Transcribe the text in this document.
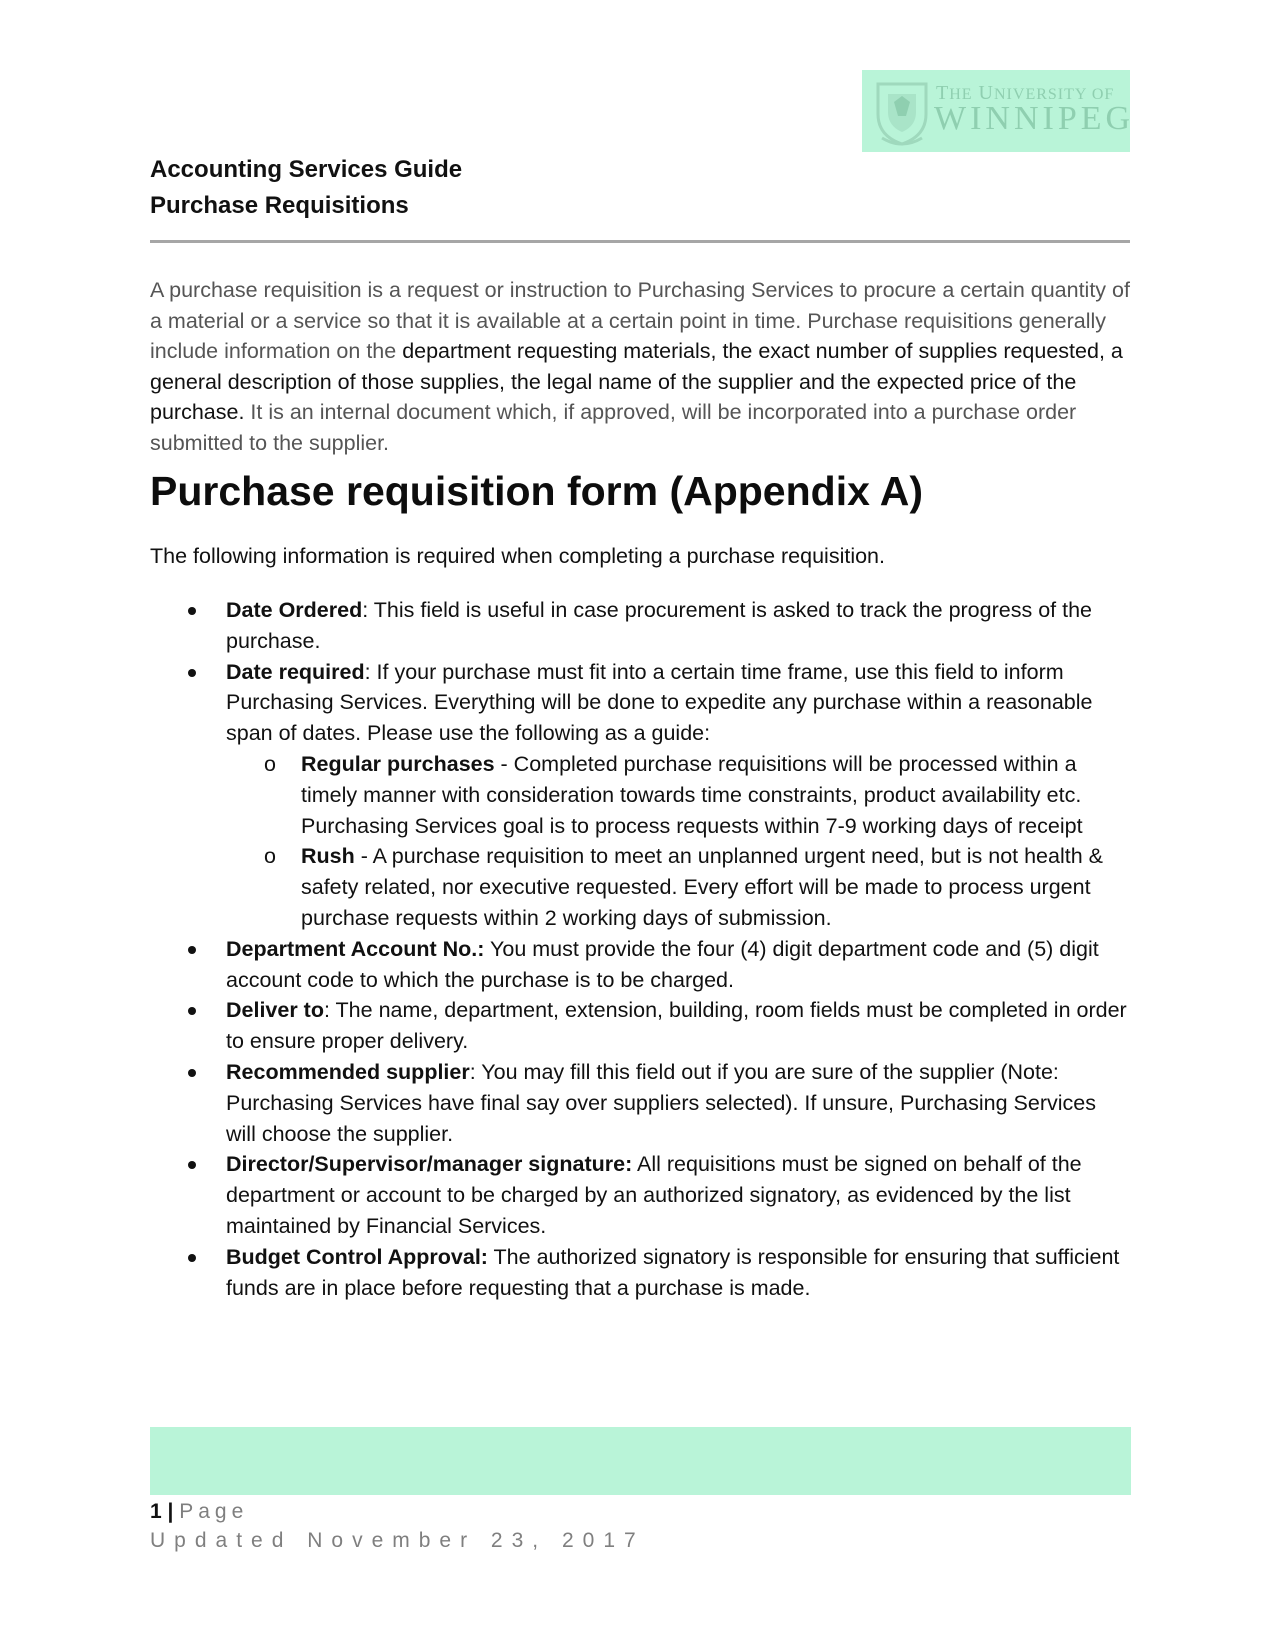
THE UNIVERSITY OF
WINNIPEG
Accounting Services Guide
Purchase Requisitions

A purchase requisition is a request or instruction to Purchasing Services to procure a certain quantity of a material or a service so that it is available at a certain point in time. Purchase requisitions generally include information on the department requesting materials, the exact number of supplies requested, a general description of those supplies, the legal name of the supplier and the expected price of the purchase. It is an internal document which, if approved, will be incorporated into a purchase order submitted to the supplier.

Purchase requisition form (Appendix A)

The following information is required when completing a purchase requisition.

Date Ordered: This field is useful in case procurement is asked to track the progress of the purchase.
Date required: If your purchase must fit into a certain time frame, use this field to inform Purchasing Services. Everything will be done to expedite any purchase within a reasonable span of dates. Please use the following as a guide:
o Regular purchases - Completed purchase requisitions will be processed within a timely manner with consideration towards time constraints, product availability etc. Purchasing Services goal is to process requests within 7-9 working days of receipt
o Rush - A purchase requisition to meet an unplanned urgent need, but is not health & safety related, nor executive requested. Every effort will be made to process urgent purchase requests within 2 working days of submission.
Department Account No.: You must provide the four (4) digit department code and (5) digit account code to which the purchase is to be charged.
Deliver to: The name, department, extension, building, room fields must be completed in order to ensure proper delivery.
Recommended supplier: You may fill this field out if you are sure of the supplier (Note: Purchasing Services have final say over suppliers selected). If unsure, Purchasing Services will choose the supplier.
Director/Supervisor/manager signature: All requisitions must be signed on behalf of the department or account to be charged by an authorized signatory, as evidenced by the list maintained by Financial Services.
Budget Control Approval: The authorized signatory is responsible for ensuring that sufficient funds are in place before requesting that a purchase is made.
1 | Page
Updated November 23, 2017
